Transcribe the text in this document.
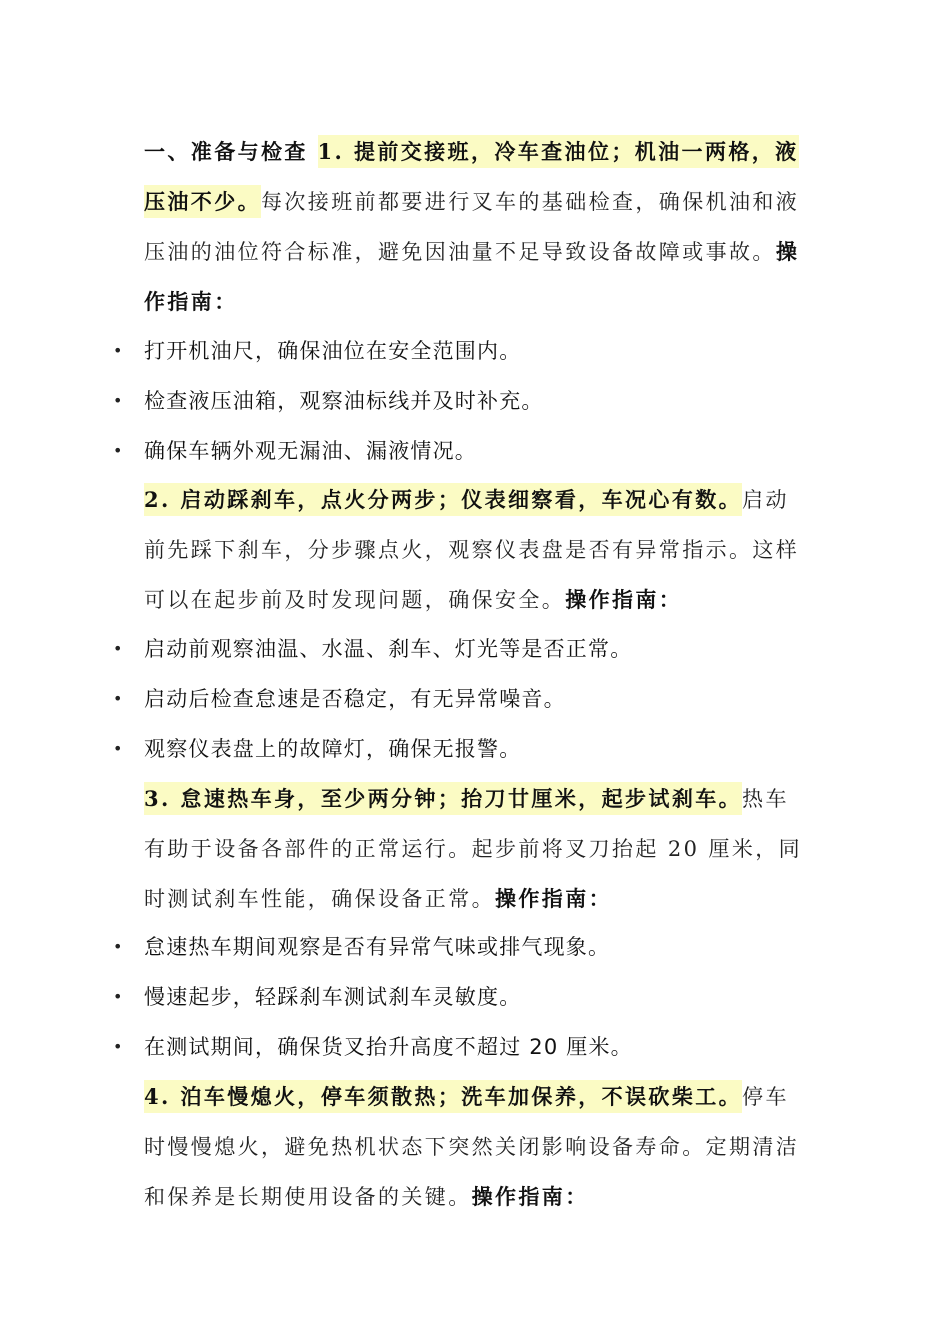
一、准备与检查 1. 提前交接班，冷车查油位；机油一两格，液压油不少。每次接班前都要进行叉车的基础检查，确保机油和液压油的油位符合标准，避免因油量不足导致设备故障或事故。操作指南：

• 打开机油尺，确保油位在安全范围内。
• 检查液压油箱，观察油标线并及时补充。
• 确保车辆外观无漏油、漏液情况。

2. 启动踩刹车，点火分两步；仪表细察看，车况心有数。启动前先踩下刹车，分步骤点火，观察仪表盘是否有异常指示。这样可以在起步前及时发现问题，确保安全。操作指南：

• 启动前观察油温、水温、刹车、灯光等是否正常。
• 启动后检查怠速是否稳定，有无异常噪音。
• 观察仪表盘上的故障灯，确保无报警。

3. 怠速热车身，至少两分钟；抬刀廿厘米，起步试刹车。热车有助于设备各部件的正常运行。起步前将叉刀抬起 20 厘米，同时测试刹车性能，确保设备正常。操作指南：

• 怠速热车期间观察是否有异常气味或排气现象。
• 慢速起步，轻踩刹车测试刹车灵敏度。
• 在测试期间，确保货叉抬升高度不超过 20 厘米。

4. 泊车慢熄火，停车须散热；洗车加保养，不误砍柴工。停车时慢慢熄火，避免热机状态下突然关闭影响设备寿命。定期清洁和保养是长期使用设备的关键。操作指南：
